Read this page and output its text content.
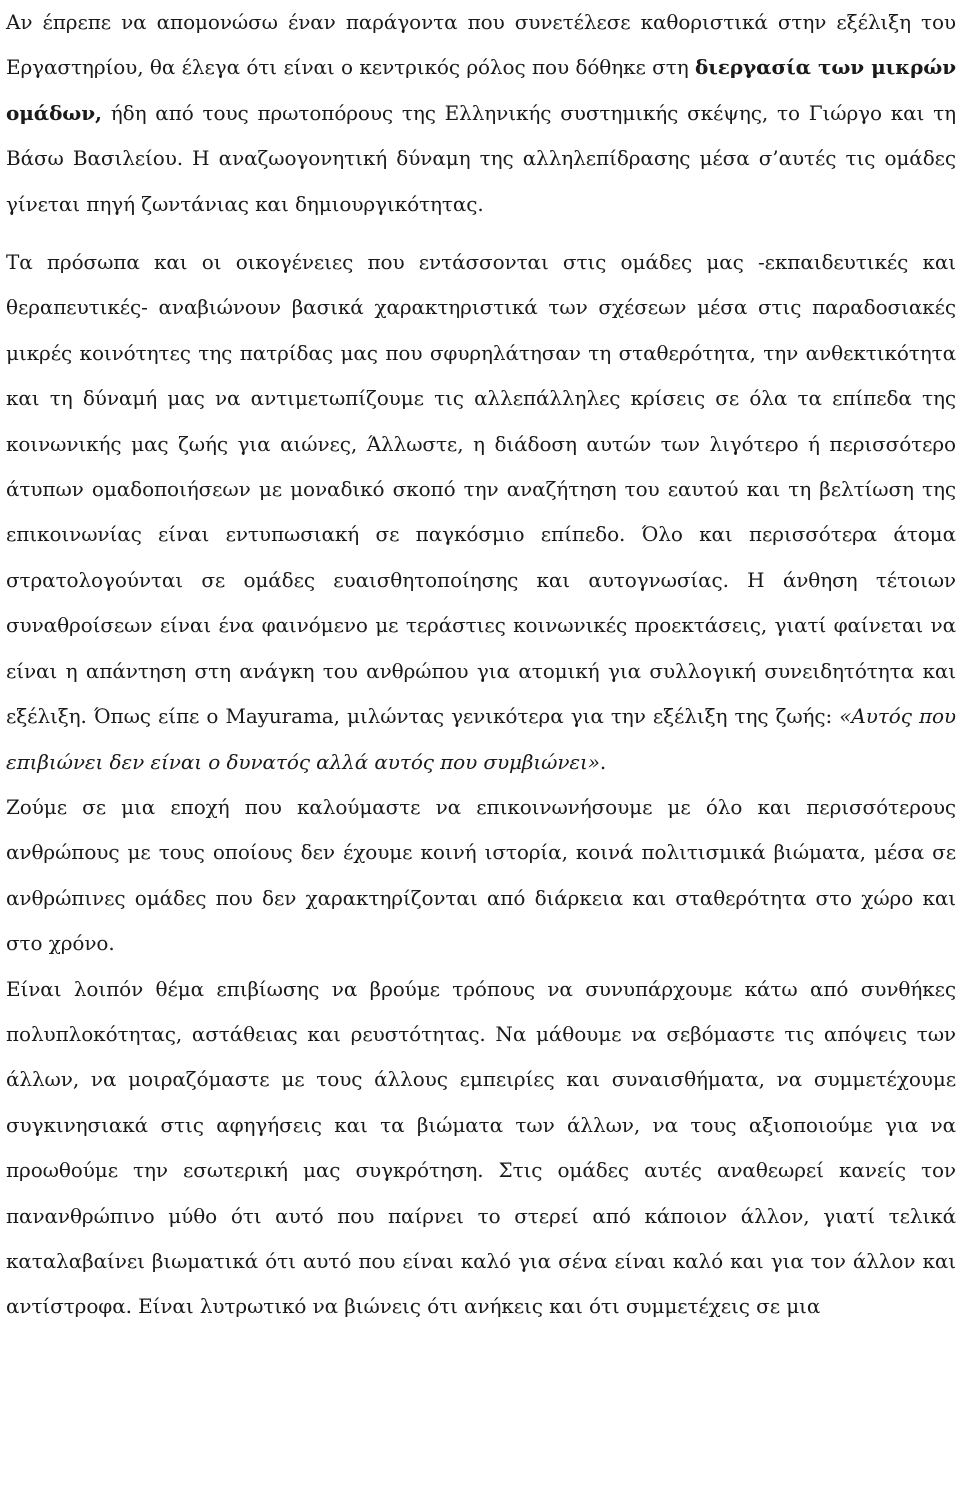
Αν έπρεπε να απομονώσω έναν παράγοντα που συνετέλεσε καθοριστικά στην εξέλιξη του Εργαστηρίου, θα έλεγα ότι είναι ο κεντρικός ρόλος που δόθηκε στη διεργασία των μικρών ομάδων, ήδη από τους πρωτοπόρους της Ελληνικής συστημικής σκέψης, το Γιώργο και τη Βάσω Βασιλείου. Η αναζωογονητική δύναμη της αλληλεπίδρασης μέσα σ’αυτές τις ομάδες γίνεται πηγή ζωντάνιας και δημιουργικότητας.

Τα πρόσωπα και οι οικογένειες που εντάσσονται στις ομάδες μας -εκπαιδευτικές και θεραπευτικές- αναβιώνουν βασικά χαρακτηριστικά των σχέσεων μέσα στις παραδοσιακές μικρές κοινότητες της πατρίδας μας που σφυρηλάτησαν τη σταθερότητα, την ανθεκτικότητα και τη δύναμή μας να αντιμετωπίζουμε τις αλλεπάλληλες κρίσεις σε όλα τα επίπεδα της κοινωνικής μας ζωής για αιώνες, Άλλωστε, η διάδοση αυτών των λιγότερο ή περισσότερο άτυπων ομαδοποιήσεων με μοναδικό σκοπό την αναζήτηση του εαυτού και τη βελτίωση της επικοινωνίας είναι εντυπωσιακή σε παγκόσμιο επίπεδο. Όλο και περισσότερα άτομα στρατολογούνται σε ομάδες ευαισθητοποίησης και αυτογνωσίας. Η άνθηση τέτοιων συναθροίσεων είναι ένα φαινόμενο με τεράστιες κοινωνικές προεκτάσεις, γιατί φαίνεται να είναι η απάντηση στη ανάγκη του ανθρώπου για ατομική για συλλογική συνειδητότητα και εξέλιξη. Όπως είπε ο Mayurama, μιλώντας γενικότερα για την εξέλιξη της ζωής: «Αυτός που επιβιώνει δεν είναι ο δυνατός αλλά αυτός που συμβιώνει».

Ζούμε σε μια εποχή που καλούμαστε να επικοινωνήσουμε με όλο και περισσότερους ανθρώπους με τους οποίους δεν έχουμε κοινή ιστορία, κοινά πολιτισμικά βιώματα, μέσα σε ανθρώπινες ομάδες που δεν χαρακτηρίζονται από διάρκεια και σταθερότητα στο χώρο και στο χρόνο.

Είναι λοιπόν θέμα επιβίωσης να βρούμε τρόπους να συνυπάρχουμε κάτω από συνθήκες πολυπλοκότητας, αστάθειας και ρευστότητας. Να μάθουμε να σεβόμαστε τις απόψεις των άλλων, να μοιραζόμαστε με τους άλλους εμπειρίες και συναισθήματα, να συμμετέχουμε συγκινησιακά στις αφηγήσεις και τα βιώματα των άλλων, να τους αξιοποιούμε για να προωθούμε την εσωτερική μας συγκρότηση. Στις ομάδες αυτές αναθεωρεί κανείς τον πανανθρώπινο μύθο ότι αυτό που παίρνει το στερεί από κάποιον άλλον, γιατί τελικά καταλαβαίνει βιωματικά ότι αυτό που είναι καλό για σένα είναι καλό και για τον άλλον και αντίστροφα. Είναι λυτρωτικό να βιώνεις ότι ανήκεις και ότι συμμετέχεις σε μια
